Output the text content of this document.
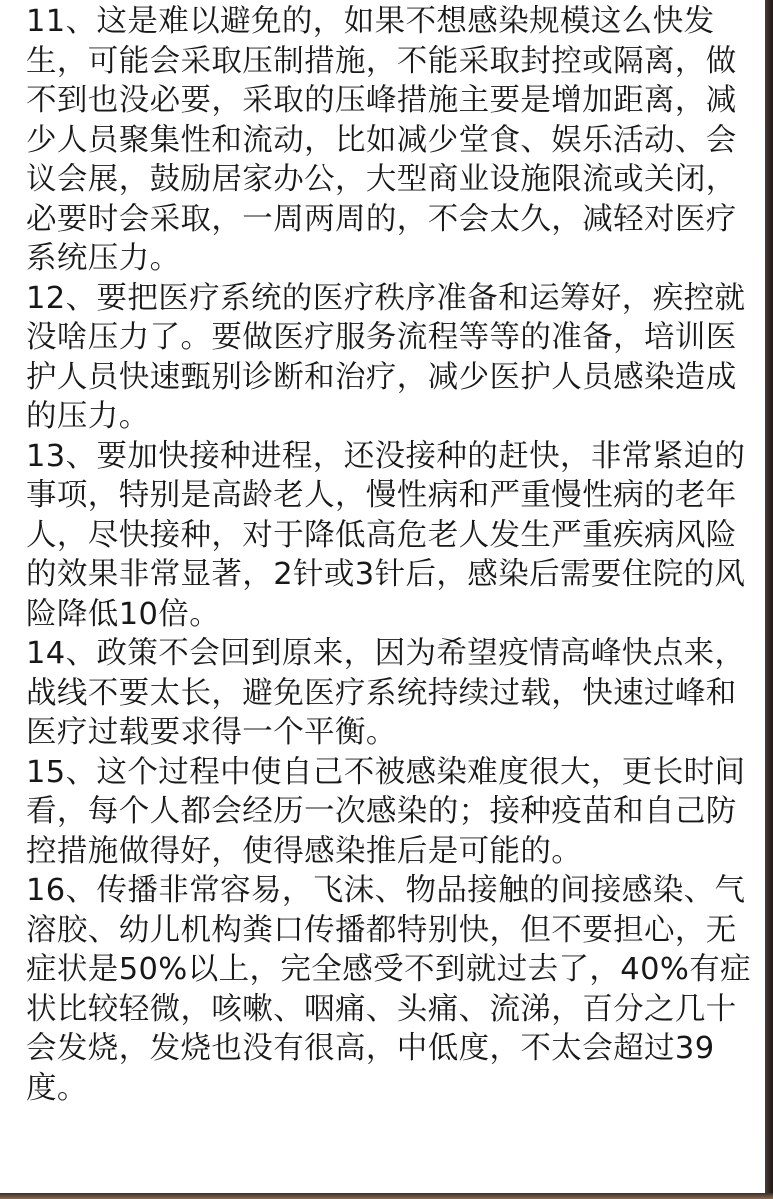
11、这是难以避免的，如果不想感染规模这么快发
生，可能会采取压制措施，不能采取封控或隔离，做
不到也没必要，采取的压峰措施主要是增加距离，减
少人员聚集性和流动，比如减少堂食、娱乐活动、会
议会展，鼓励居家办公，大型商业设施限流或关闭，
必要时会采取，一周两周的，不会太久，减轻对医疗
系统压力。

12、要把医疗系统的医疗秩序准备和运筹好，疾控就
没啥压力了。要做医疗服务流程等等的准备，培训医
护人员快速甄别诊断和治疗，减少医护人员感染造成
的压力。

13、要加快接种进程，还没接种的赶快，非常紧迫的
事项，特别是高龄老人，慢性病和严重慢性病的老年
人，尽快接种，对于降低高危老人发生严重疾病风险
的效果非常显著，2针或3针后，感染后需要住院的风
险降低10倍。

14、政策不会回到原来，因为希望疫情高峰快点来，
战线不要太长，避免医疗系统持续过载，快速过峰和
医疗过载要求得一个平衡。

15、这个过程中使自己不被感染难度很大，更长时间
看，每个人都会经历一次感染的；接种疫苗和自己防
控措施做得好，使得感染推后是可能的。

16、传播非常容易，飞沫、物品接触的间接感染、气
溶胶、幼儿机构粪口传播都特别快，但不要担心，无
症状是50%以上，完全感受不到就过去了，40%有症
状比较轻微，咳嗽、咽痛、头痛、流涕，百分之几十
会发烧，发烧也没有很高，中低度，不太会超过39
度。
